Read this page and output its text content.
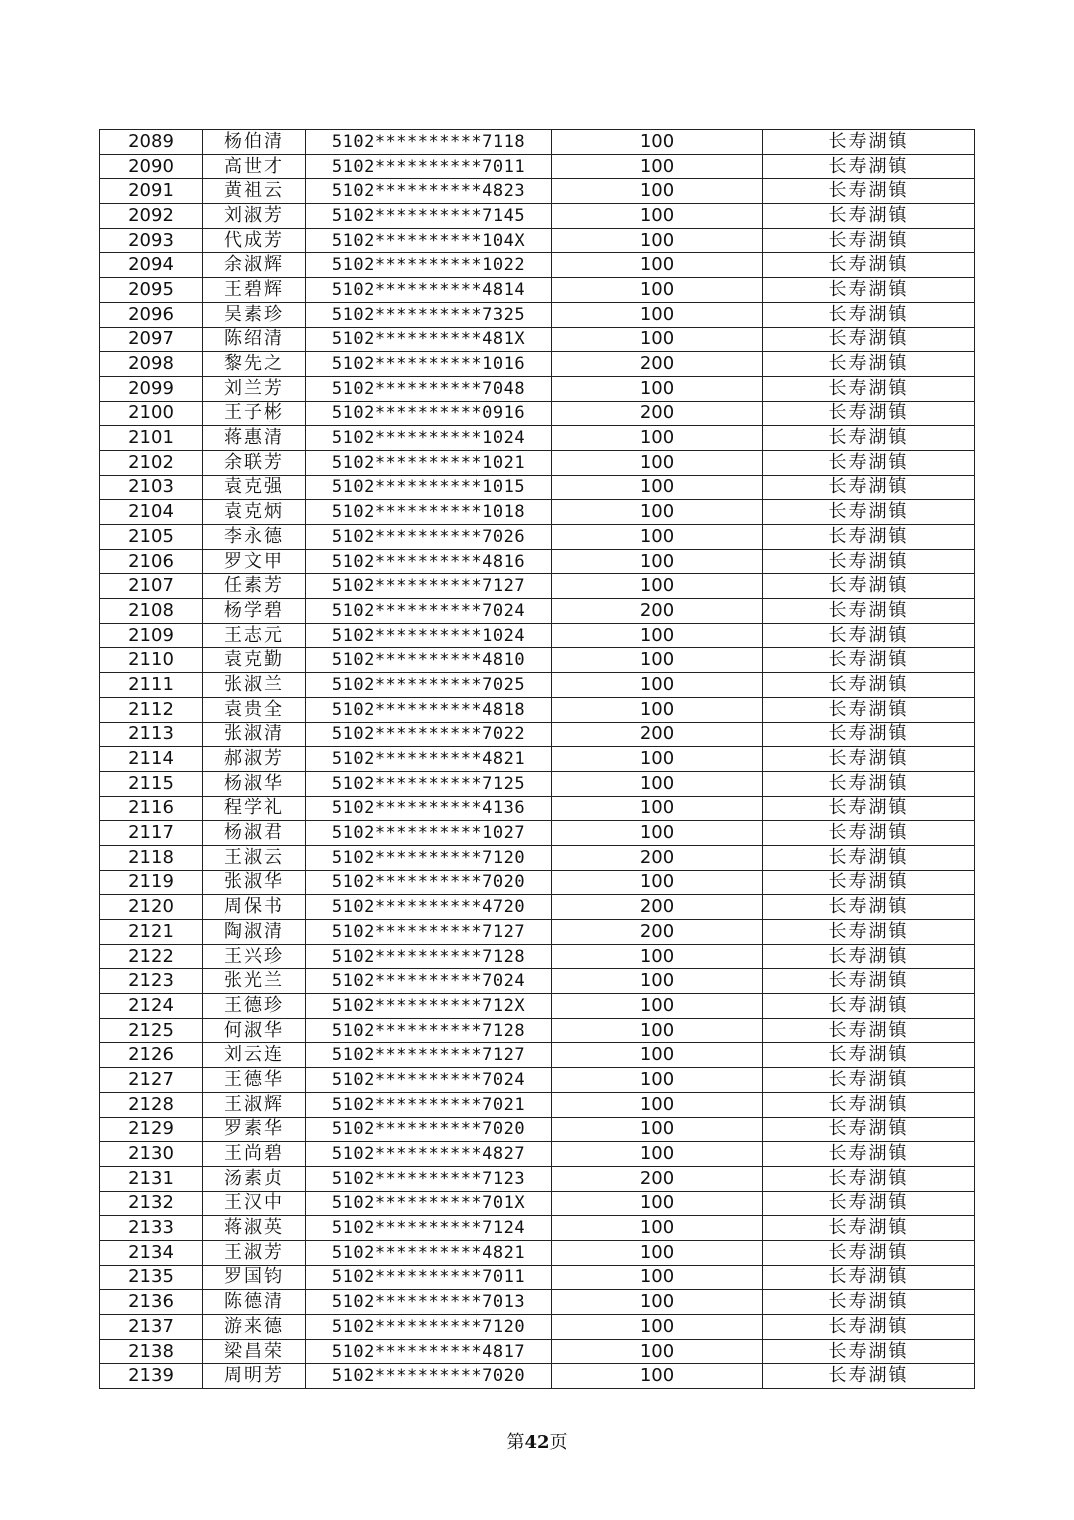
2089	杨伯清	5102**********7118	100	长寿湖镇
2090	高世才	5102**********7011	100	长寿湖镇
2091	黄祖云	5102**********4823	100	长寿湖镇
2092	刘淑芳	5102**********7145	100	长寿湖镇
2093	代成芳	5102**********104X	100	长寿湖镇
2094	余淑辉	5102**********1022	100	长寿湖镇
2095	王碧辉	5102**********4814	100	长寿湖镇
2096	吴素珍	5102**********7325	100	长寿湖镇
2097	陈绍清	5102**********481X	100	长寿湖镇
2098	黎先之	5102**********1016	200	长寿湖镇
2099	刘兰芳	5102**********7048	100	长寿湖镇
2100	王子彬	5102**********0916	200	长寿湖镇
2101	蒋惠清	5102**********1024	100	长寿湖镇
2102	余联芳	5102**********1021	100	长寿湖镇
2103	袁克强	5102**********1015	100	长寿湖镇
2104	袁克炳	5102**********1018	100	长寿湖镇
2105	李永德	5102**********7026	100	长寿湖镇
2106	罗文甲	5102**********4816	100	长寿湖镇
2107	任素芳	5102**********7127	100	长寿湖镇
2108	杨学碧	5102**********7024	200	长寿湖镇
2109	王志元	5102**********1024	100	长寿湖镇
2110	袁克勤	5102**********4810	100	长寿湖镇
2111	张淑兰	5102**********7025	100	长寿湖镇
2112	袁贵全	5102**********4818	100	长寿湖镇
2113	张淑清	5102**********7022	200	长寿湖镇
2114	郝淑芳	5102**********4821	100	长寿湖镇
2115	杨淑华	5102**********7125	100	长寿湖镇
2116	程学礼	5102**********4136	100	长寿湖镇
2117	杨淑君	5102**********1027	100	长寿湖镇
2118	王淑云	5102**********7120	200	长寿湖镇
2119	张淑华	5102**********7020	100	长寿湖镇
2120	周保书	5102**********4720	200	长寿湖镇
2121	陶淑清	5102**********7127	200	长寿湖镇
2122	王兴珍	5102**********7128	100	长寿湖镇
2123	张光兰	5102**********7024	100	长寿湖镇
2124	王德珍	5102**********712X	100	长寿湖镇
2125	何淑华	5102**********7128	100	长寿湖镇
2126	刘云连	5102**********7127	100	长寿湖镇
2127	王德华	5102**********7024	100	长寿湖镇
2128	王淑辉	5102**********7021	100	长寿湖镇
2129	罗素华	5102**********7020	100	长寿湖镇
2130	王尚碧	5102**********4827	100	长寿湖镇
2131	汤素贞	5102**********7123	200	长寿湖镇
2132	王汉中	5102**********701X	100	长寿湖镇
2133	蒋淑英	5102**********7124	100	长寿湖镇
2134	王淑芳	5102**********4821	100	长寿湖镇
2135	罗国钧	5102**********7011	100	长寿湖镇
2136	陈德清	5102**********7013	100	长寿湖镇
2137	游来德	5102**********7120	100	长寿湖镇
2138	梁昌荣	5102**********4817	100	长寿湖镇
2139	周明芳	5102**********7020	100	长寿湖镇
第42页
